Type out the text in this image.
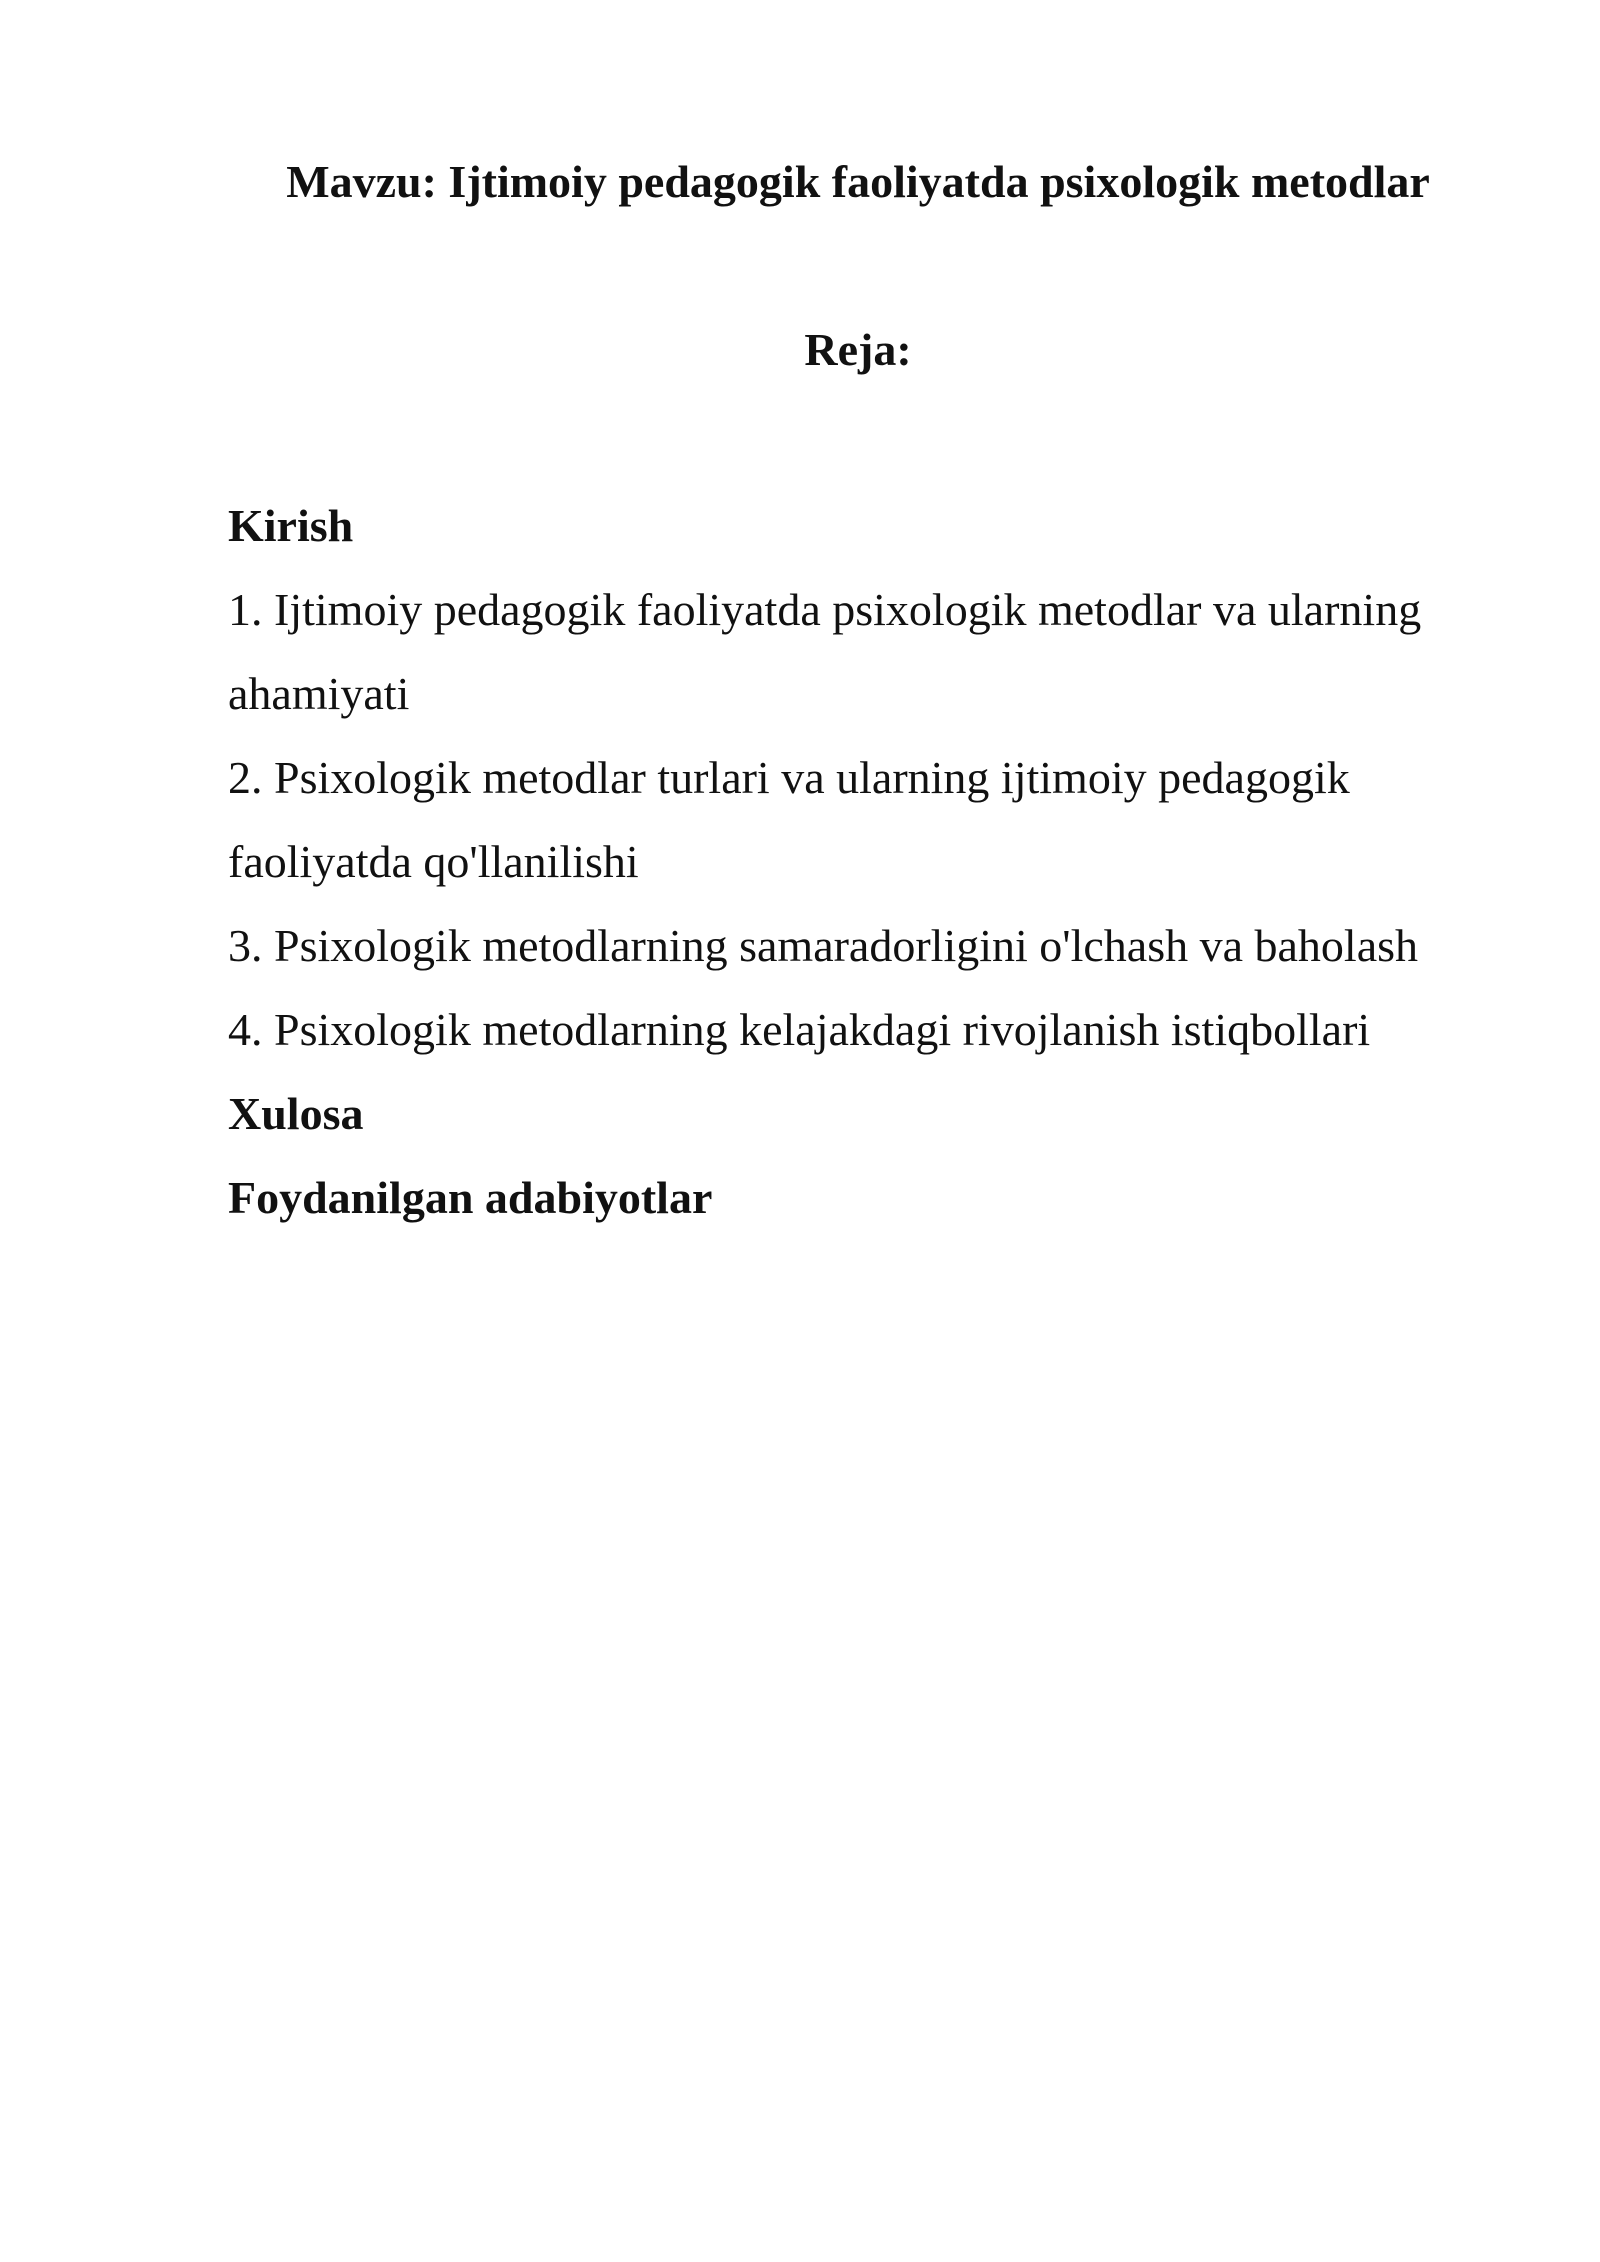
Mavzu: Ijtimoiy pedagogik faoliyatda psixologik metodlar
Reja:

Kirish

1. Ijtimoiy pedagogik faoliyatda psixologik metodlar va ularning

ahamiyati

2. Psixologik metodlar turlari va ularning ijtimoiy pedagogik

faoliyatda qo'llanilishi

3. Psixologik metodlarning samaradorligini o'lchash va baholash

4. Psixologik metodlarning kelajakdagi rivojlanish istiqbollari

Xulosa

Foydanilgan adabiyotlar
